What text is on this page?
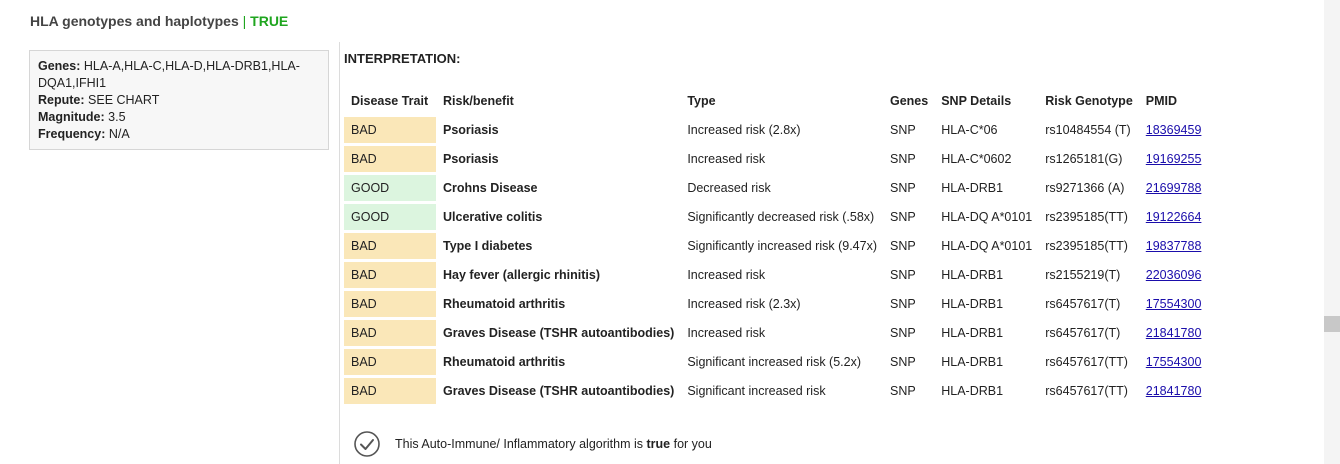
HLA genotypes and haplotypes | TRUE
Genes: HLA-A,HLA-C,HLA-D,HLA-DRB1,HLA-DQA1,IFHI1
Repute: SEE CHART
Magnitude: 3.5
Frequency: N/A
INTERPRETATION:
Disease Trait	Risk/benefit	Type	Genes	SNP Details	Risk Genotype	PMID
BAD	Psoriasis	Increased risk (2.8x)	SNP	HLA-C*06	rs10484554 (T)	18369459
BAD	Psoriasis	Increased risk	SNP	HLA-C*0602	rs1265181(G)	19169255
GOOD	Crohns Disease	Decreased risk	SNP	HLA-DRB1	rs9271366 (A)	21699788
GOOD	Ulcerative colitis	Significantly decreased risk (.58x)	SNP	HLA-DQ A*0101	rs2395185(TT)	19122664
BAD	Type I diabetes	Significantly increased risk (9.47x)	SNP	HLA-DQ A*0101	rs2395185(TT)	19837788
BAD	Hay fever (allergic rhinitis)	Increased risk	SNP	HLA-DRB1	rs2155219(T)	22036096
BAD	Rheumatoid arthritis	Increased risk (2.3x)	SNP	HLA-DRB1	rs6457617(T)	17554300
BAD	Graves Disease (TSHR autoantibodies)	Increased risk	SNP	HLA-DRB1	rs6457617(T)	21841780
BAD	Rheumatoid arthritis	Significant increased risk (5.2x)	SNP	HLA-DRB1	rs6457617(TT)	17554300
BAD	Graves Disease (TSHR autoantibodies)	Significant increased risk	SNP	HLA-DRB1	rs6457617(TT)	21841780
This Auto-Immune/ Inflammatory algorithm is
true
for you
